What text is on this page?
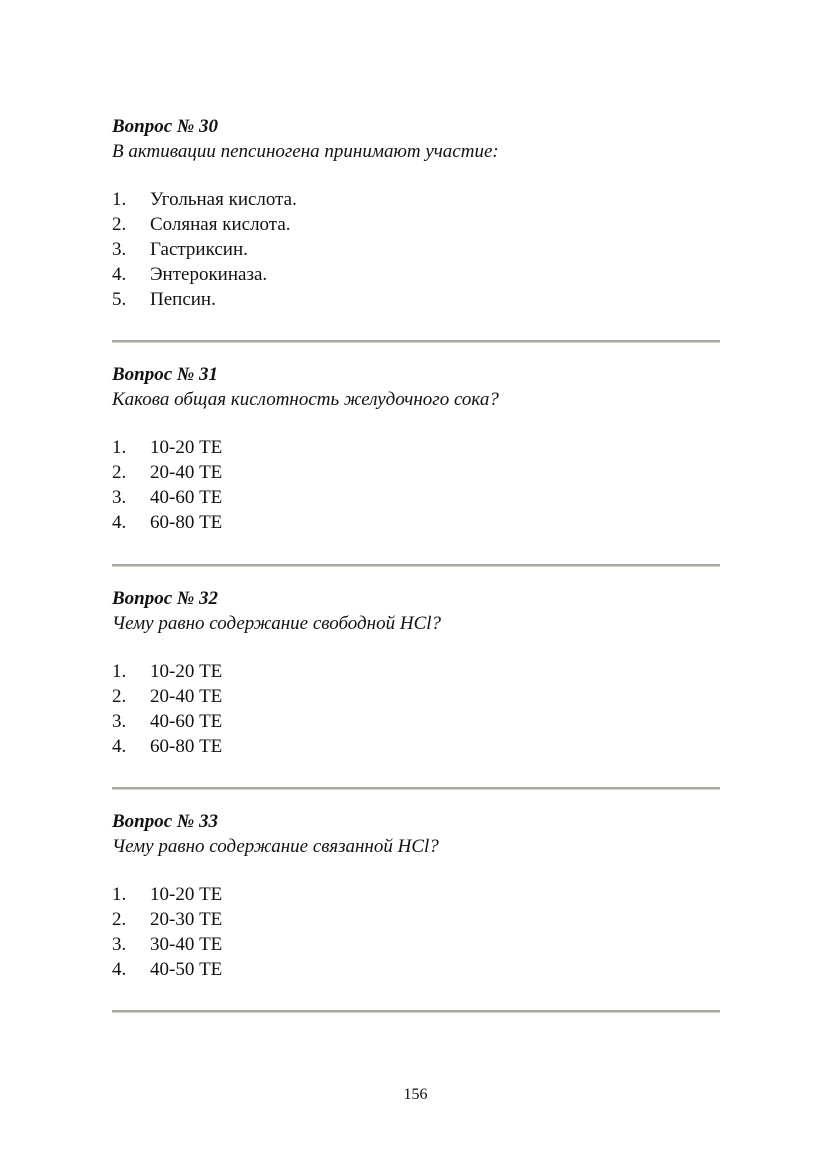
Вопрос № 30
В активации пепсиногена принимают участие:
1. Угольная кислота.
2. Соляная кислота.
3. Гастриксин.
4. Энтерокиназа.
5. Пепсин.
Вопрос № 31
Какова общая кислотность желудочного сока?
1. 10-20 ТЕ
2. 20-40 ТЕ
3. 40-60 ТЕ
4. 60-80 ТЕ
Вопрос № 32
Чему равно содержание свободной HCl?
1. 10-20 ТЕ
2. 20-40 ТЕ
3. 40-60 ТЕ
4. 60-80 ТЕ
Вопрос № 33
Чему равно содержание связанной HCl?
1. 10-20 ТЕ
2. 20-30 ТЕ
3. 30-40 ТЕ
4. 40-50 ТЕ
156
